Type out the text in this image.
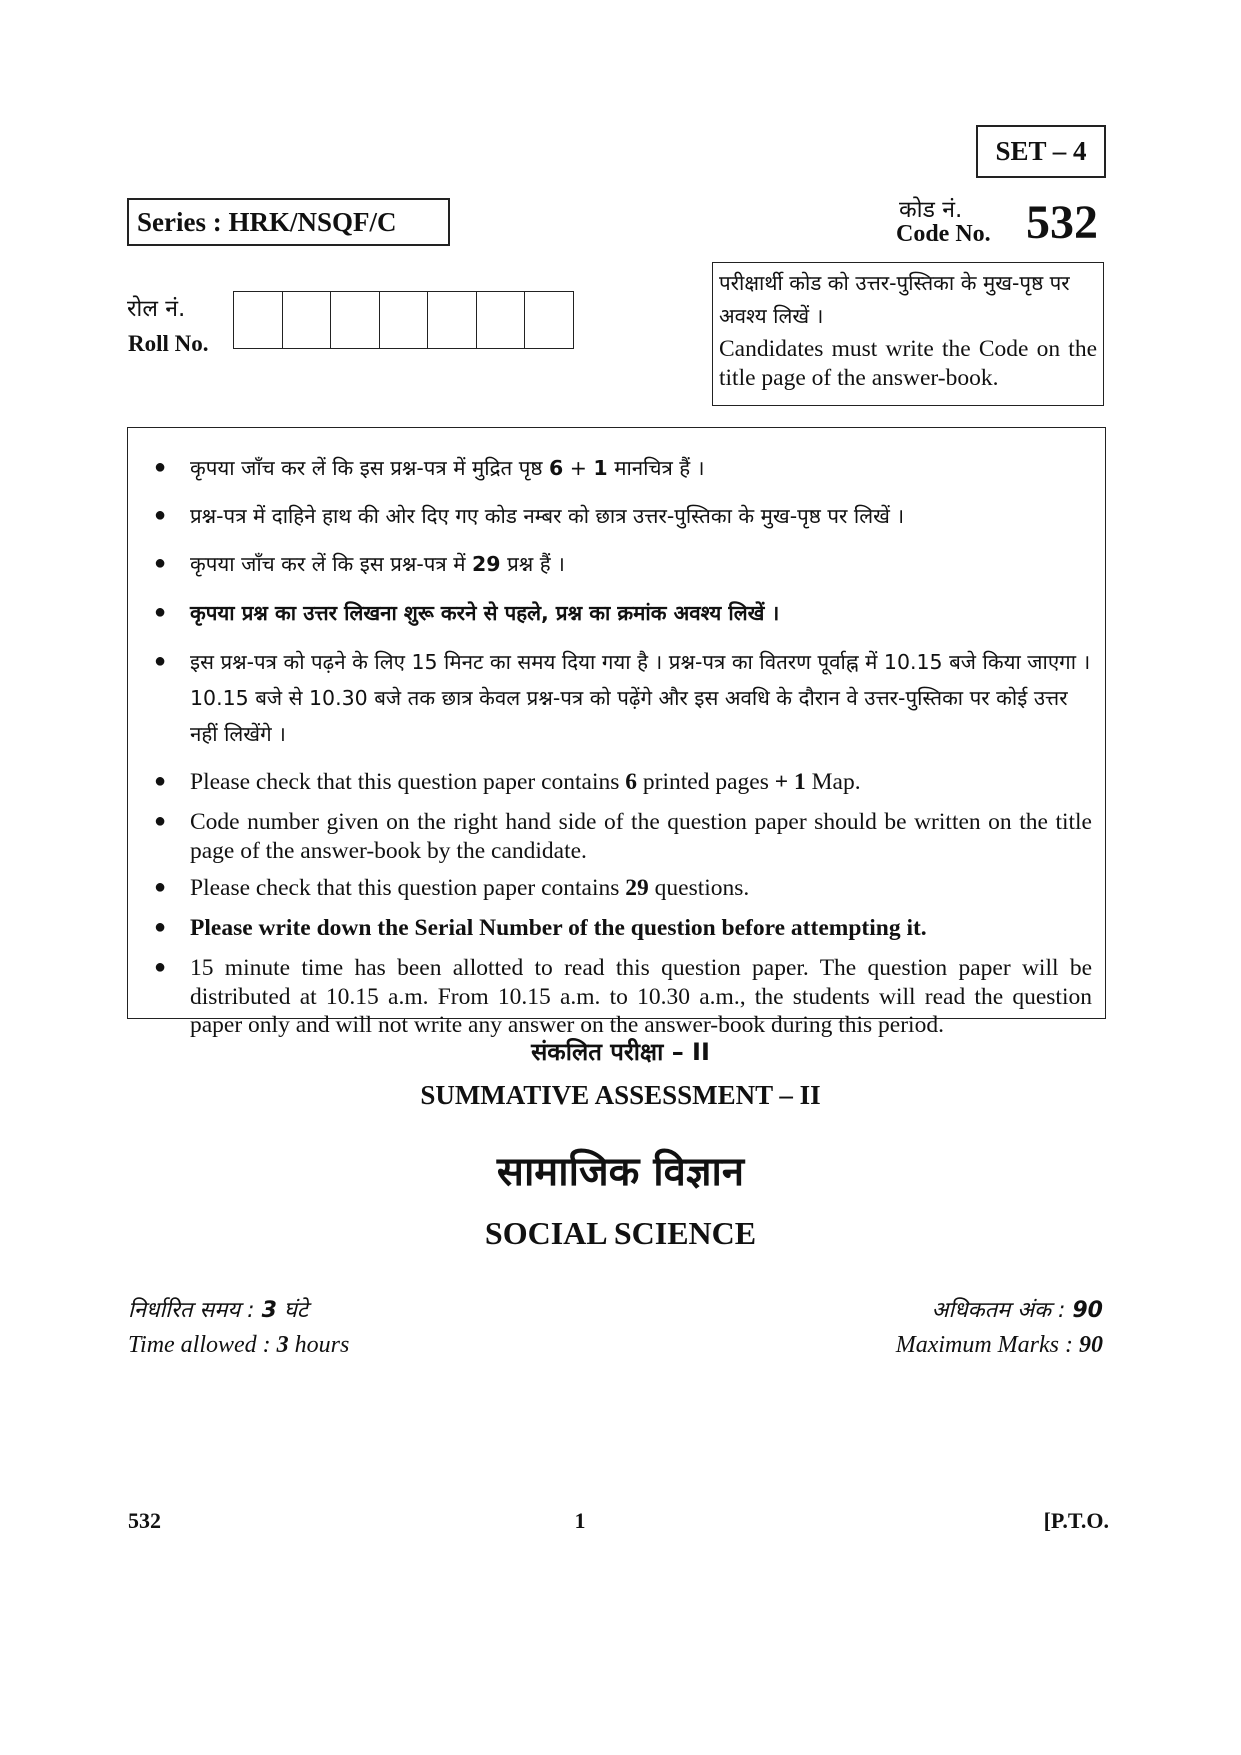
SET – 4
Series : HRK/NSQF/C	कोड नं.
Code No. 532
रोल नं.
Roll No.
परीक्षार्थी कोड को उत्तर-पुस्तिका के मुख-पृष्ठ पर अवश्य लिखें ।
Candidates must write the Code on the title page of the answer-book.
● कृपया जाँच कर लें कि इस प्रश्न-पत्र में मुद्रित पृष्ठ 6 + 1 मानचित्र हैं ।
● प्रश्न-पत्र में दाहिने हाथ की ओर दिए गए कोड नम्बर को छात्र उत्तर-पुस्तिका के मुख-पृष्ठ पर लिखें ।
● कृपया जाँच कर लें कि इस प्रश्न-पत्र में 29 प्रश्न हैं ।
● कृपया प्रश्न का उत्तर लिखना शुरू करने से पहले, प्रश्न का क्रमांक अवश्य लिखें ।
● इस प्रश्न-पत्र को पढ़ने के लिए 15 मिनट का समय दिया गया है । प्रश्न-पत्र का वितरण पूर्वाह्न में 10.15 बजे किया जाएगा । 10.15 बजे से 10.30 बजे तक छात्र केवल प्रश्न-पत्र को पढ़ेंगे और इस अवधि के दौरान वे उत्तर-पुस्तिका पर कोई उत्तर नहीं लिखेंगे ।
● Please check that this question paper contains 6 printed pages + 1 Map.
● Code number given on the right hand side of the question paper should be written on the title page of the answer-book by the candidate.
● Please check that this question paper contains 29 questions.
● Please write down the Serial Number of the question before attempting it.
● 15 minute time has been allotted to read this question paper. The question paper will be distributed at 10.15 a.m. From 10.15 a.m. to 10.30 a.m., the students will read the question paper only and will not write any answer on the answer-book during this period.
संकलित परीक्षा – II
SUMMATIVE ASSESSMENT – II
सामाजिक विज्ञान
SOCIAL SCIENCE
निर्धारित समय : 3 घंटे
Time allowed : 3 hours
अधिकतम अंक : 90
Maximum Marks : 90
532	1	[P.T.O.
